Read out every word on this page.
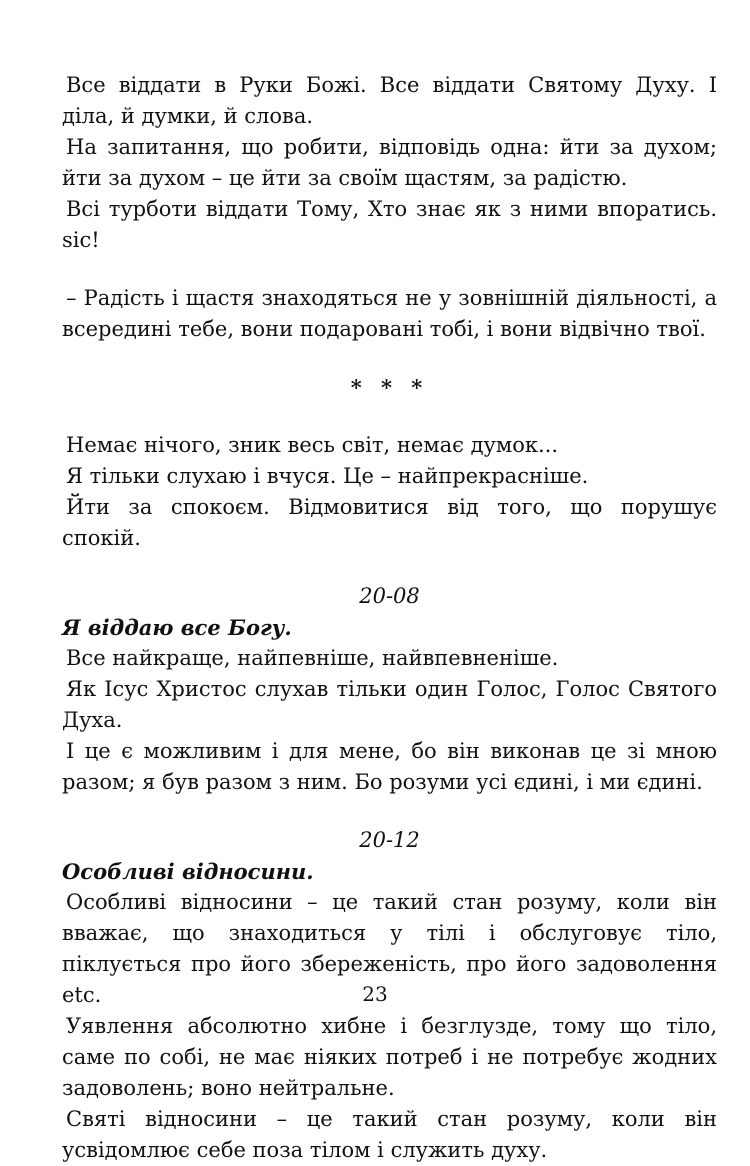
Все віддати в Руки Божі. Все віддати Святому Духу. І діла, й думки, й слова.

На запитання, що робити, відповідь одна: йти за духом; йти за духом – це йти за своїм щастям, за радістю.

Всі турботи віддати Тому, Хто знає як з ними впоратись. sic!

– Радість і щастя знаходяться не у зовнішній діяльності, а всередині тебе, вони подаровані тобі, і вони відвічно твої.

* * *

Немає нічого, зник весь світ, немає думок...

Я тільки слухаю і вчуся. Це – найпрекрасніше.

Йти за спокоєм. Відмовитися від того, що порушує спокій.

20-08

Я віддаю все Богу.

Все найкраще, найпевніше, найвпевненіше.

Як Ісус Христос слухав тільки один Голос, Голос Святого Духа.

І це є можливим і для мене, бо він виконав це зі мною разом; я був разом з ним. Бо розуми усі єдині, і ми єдині.

20-12

Особливі відносини.

Особливі відносини – це такий стан розуму, коли він вважає, що знаходиться у тілі і обслуговує тіло, піклується про його збереженість, про його задоволення etc.

Уявлення абсолютно хибне і безглузде, тому що тіло, саме по собі, не має ніяких потреб і не потребує жодних задоволень; воно нейтральне.

Святі відносини – це такий стан розуму, коли він усвідомлює себе поза тілом і служить духу.

23
